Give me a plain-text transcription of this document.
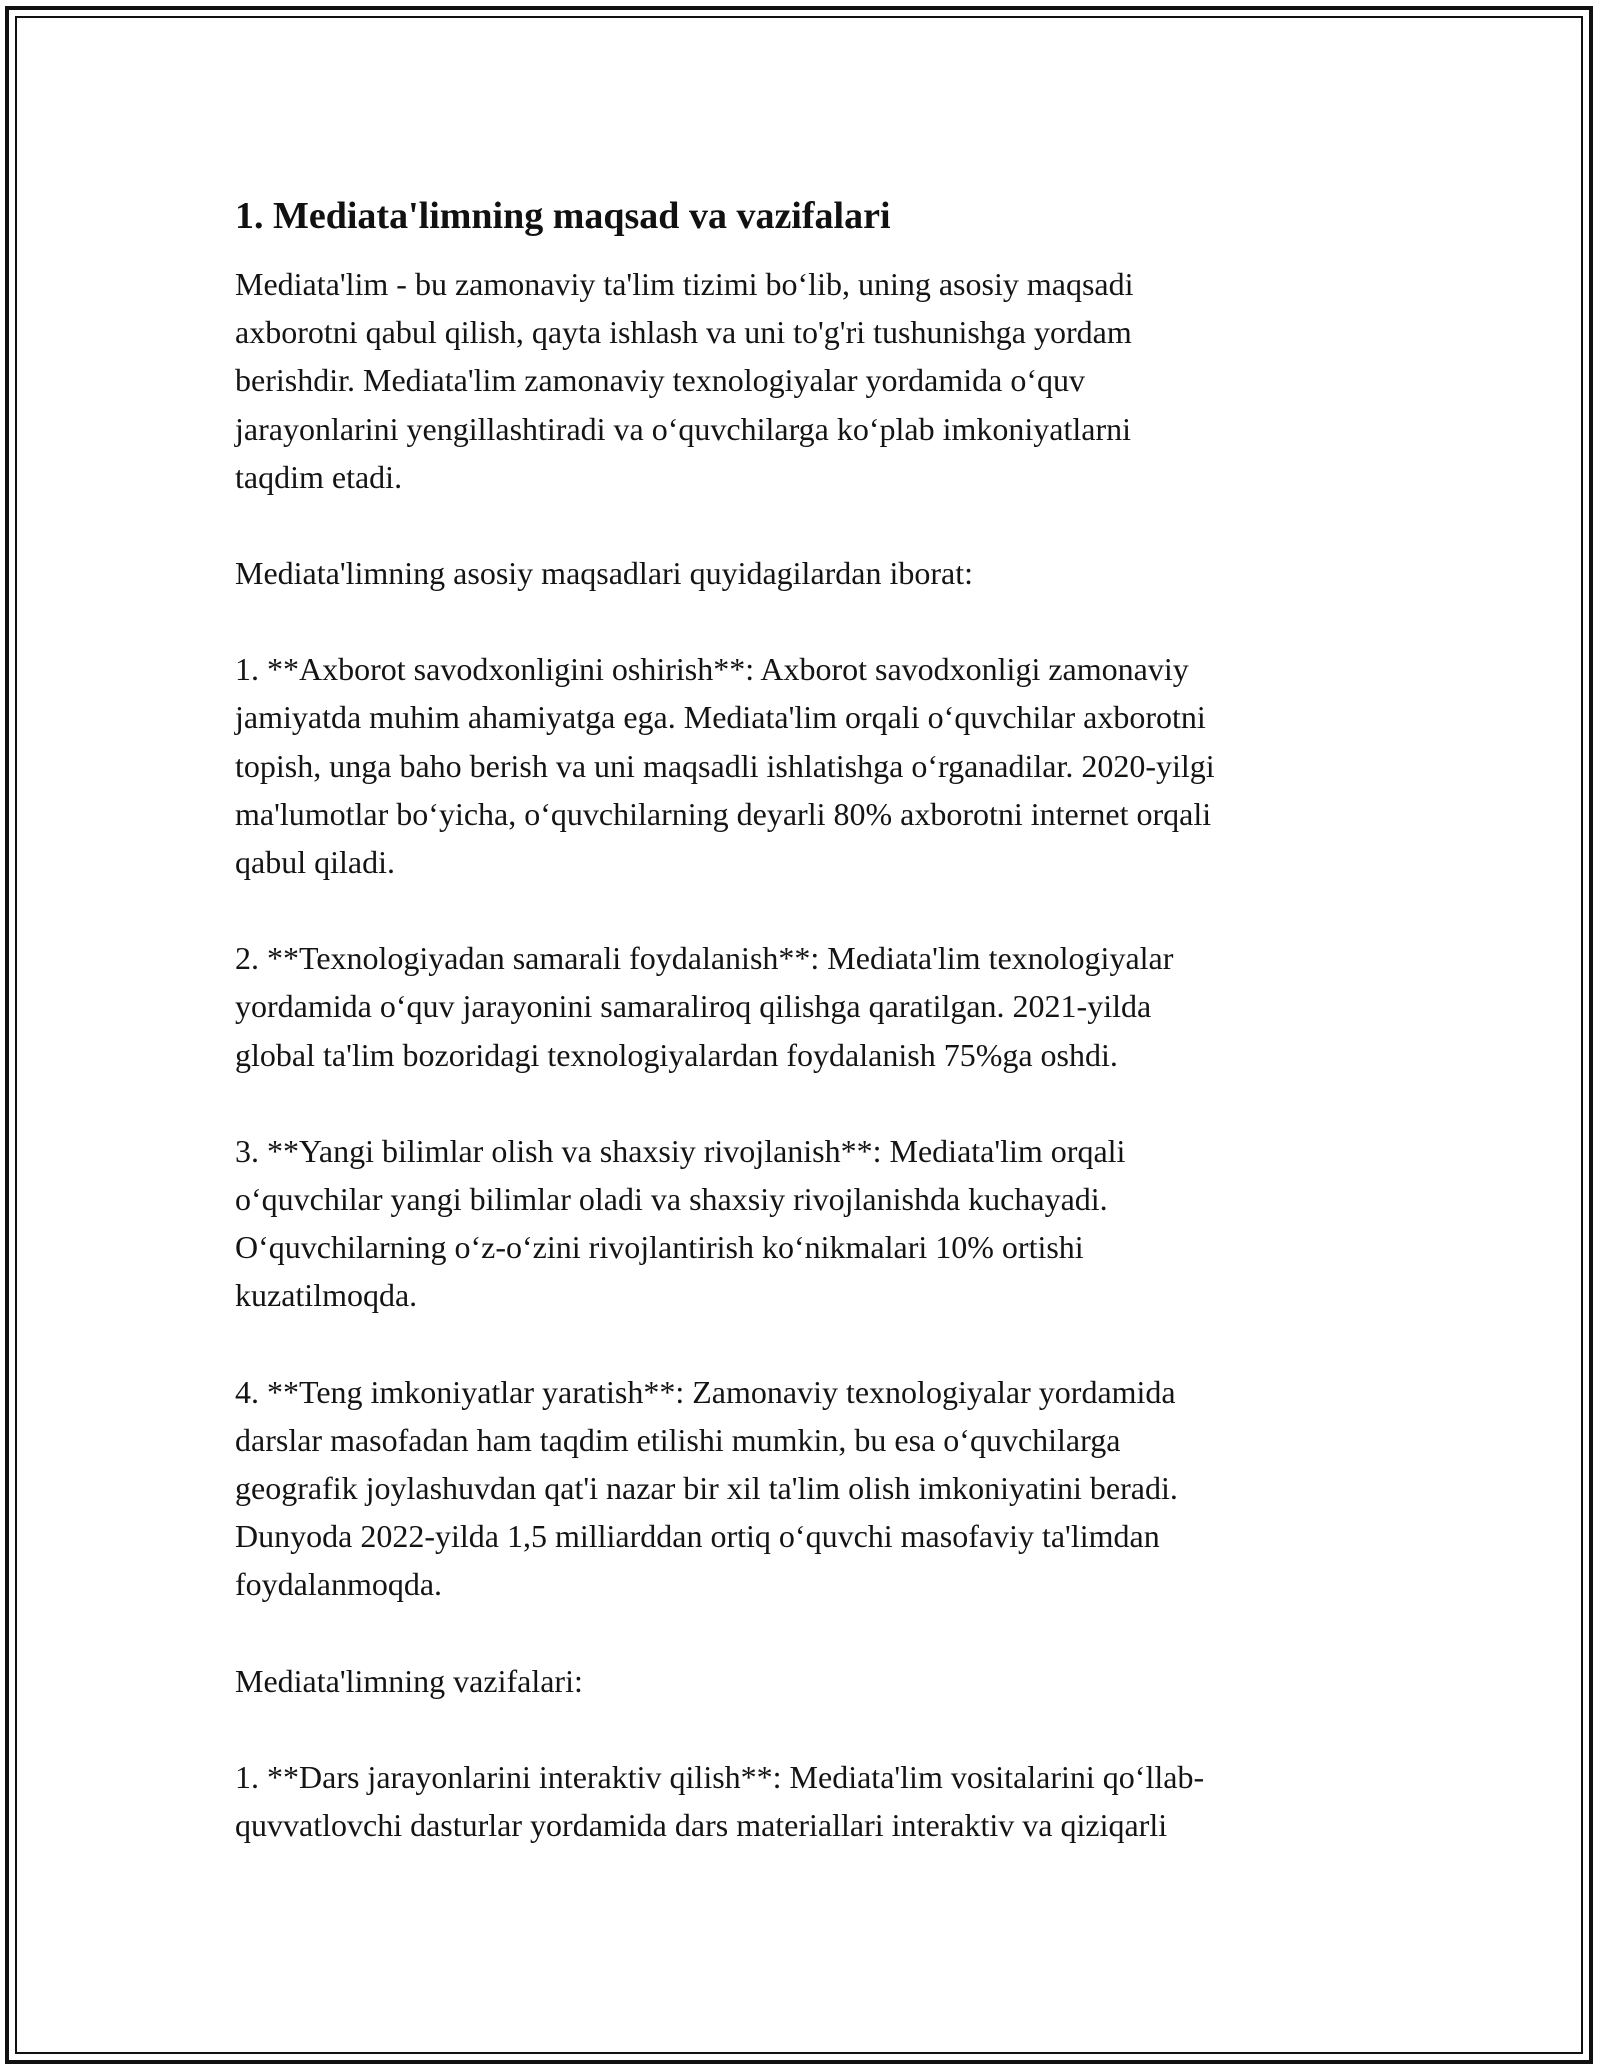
1. Mediata'limning maqsad va vazifalari

Mediata'lim - bu zamonaviy ta'lim tizimi bo‘lib, uning asosiy maqsadi
axborotni qabul qilish, qayta ishlash va uni to'g'ri tushunishga yordam
berishdir. Mediata'lim zamonaviy texnologiyalar yordamida o‘quv
jarayonlarini yengillashtiradi va o‘quvchilarga ko‘plab imkoniyatlarni
taqdim etadi.

Mediata'limning asosiy maqsadlari quyidagilardan iborat:

1. **Axborot savodxonligini oshirish**: Axborot savodxonligi zamonaviy
jamiyatda muhim ahamiyatga ega. Mediata'lim orqali o‘quvchilar axborotni
topish, unga baho berish va uni maqsadli ishlatishga o‘rganadilar. 2020-yilgi
ma'lumotlar bo‘yicha, o‘quvchilarning deyarli 80% axborotni internet orqali
qabul qiladi.

2. **Texnologiyadan samarali foydalanish**: Mediata'lim texnologiyalar
yordamida o‘quv jarayonini samaraliroq qilishga qaratilgan. 2021-yilda
global ta'lim bozoridagi texnologiyalardan foydalanish 75%ga oshdi.

3. **Yangi bilimlar olish va shaxsiy rivojlanish**: Mediata'lim orqali
o‘quvchilar yangi bilimlar oladi va shaxsiy rivojlanishda kuchayadi.
O‘quvchilarning o‘z-o‘zini rivojlantirish ko‘nikmalari 10% ortishi
kuzatilmoqda.

4. **Teng imkoniyatlar yaratish**: Zamonaviy texnologiyalar yordamida
darslar masofadan ham taqdim etilishi mumkin, bu esa o‘quvchilarga
geografik joylashuvdan qat'i nazar bir xil ta'lim olish imkoniyatini beradi.
Dunyoda 2022-yilda 1,5 milliarddan ortiq o‘quvchi masofaviy ta'limdan
foydalanmoqda.

Mediata'limning vazifalari:

1. **Dars jarayonlarini interaktiv qilish**: Mediata'lim vositalarini qo‘llab-
quvvatlovchi dasturlar yordamida dars materiallari interaktiv va qiziqarli
